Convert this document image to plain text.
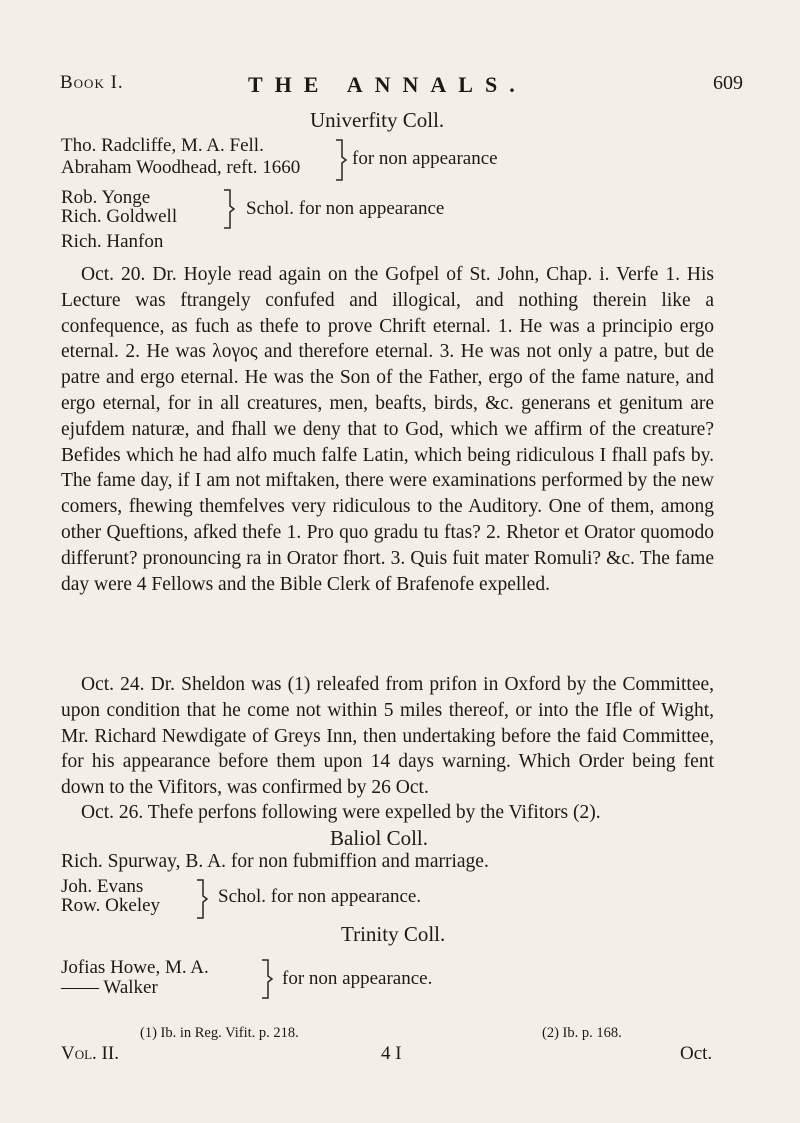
Book I.	THE ANNALS.	609
Univerfity Coll.
Tho. Radcliffe, M. A. Fell.
Abraham Woodhead, reft. 1660	for non appearance
Rob. Yonge
Rich. Goldwell	Schol. for non appearance
Rich. Hanfon

Oct. 20. Dr. Hoyle read again on the Gofpel of St. John, Chap. i. Verfe 1. His Lecture was ftrangely confufed and illogical, and nothing therein like a confequence, as fuch as thefe to prove Chrift eternal. 1. He was a principio ergo eternal. 2. He was λογος and therefore eternal. 3. He was not only a patre, but de patre and ergo eternal. He was the Son of the Father, ergo of the fame nature, and ergo eternal, for in all creatures, men, beafts, birds, &c. generans et genitum are ejufdem naturæ, and fhall we deny that to God, which we affirm of the creature? Befides which he had alfo much falfe Latin, which being ridiculous I fhall pafs by. The fame day, if I am not miftaken, there were examinations performed by the new comers, fhewing themfelves very ridiculous to the Auditory. One of them, among other Queftions, afked thefe 1. Pro quo gradu tu ftas? 2. Rhetor et Orator quomodo differunt? pronouncing ra in Orator fhort. 3. Quis fuit mater Romuli? &c. The fame day were 4 Fellows and the Bible Clerk of Brafenofe expelled.

Oct. 24. Dr. Sheldon was (1) releafed from prifon in Oxford by the Committee, upon condition that he come not within 5 miles thereof, or into the Ifle of Wight, Mr. Richard Newdigate of Greys Inn, then undertaking before the faid Committee, for his appearance before them upon 14 days warning. Which Order being fent down to the Vifitors, was confirmed by 26 Oct.

Oct. 26. Thefe perfons following were expelled by the Vifitors (2).

Baliol Coll.
Rich. Spurway, B. A. for non fubmiffion and marriage.
Joh. Evans
Row. Okeley	Schol. for non appearance.
Trinity Coll.
Jofias Howe, M. A.
—— Walker	for non appearance.
(1) Ib. in Reg. Vifit. p. 218.	(2) Ib. p. 168.
Vol. II.	4 I	Oct.
